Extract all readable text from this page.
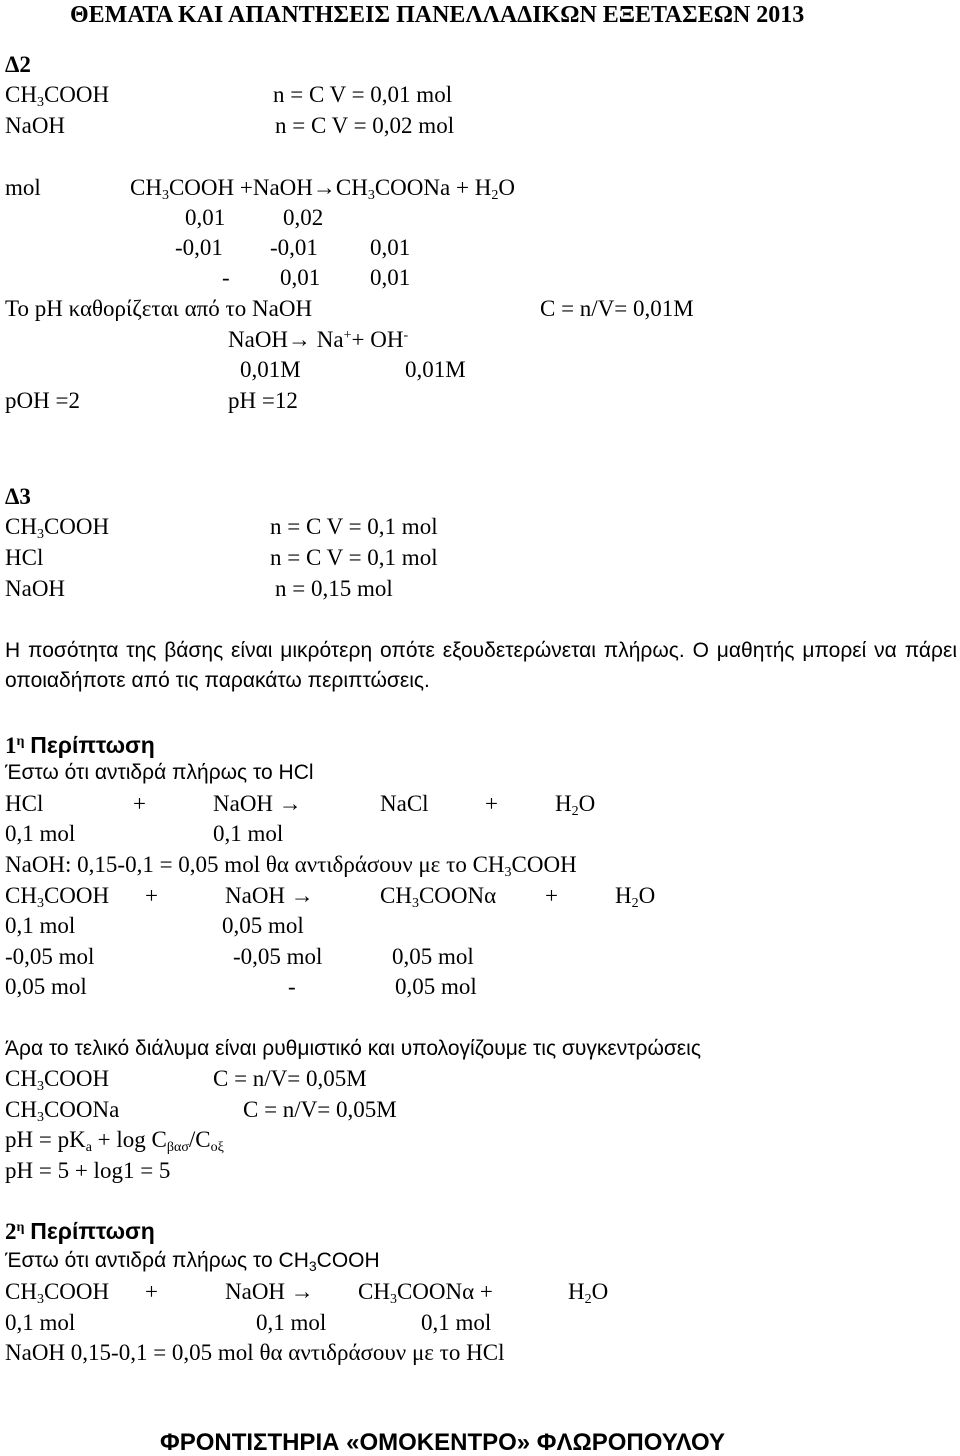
ΘΕΜΑΤΑ ΚΑΙ ΑΠΑΝΤΗΣΕΙΣ ΠΑΝΕΛΛΑΔΙΚΩΝ ΕΞΕΤΑΣΕΩΝ 2013
Δ2
$CH_3COOH$	n = C V = 0,01 mol
NaOH	n = C V = 0,02 mol
mol	$CH_3COOH$ $+NaOH\to CH_3COONa + H_2O$
0,01	0,02
-0,01 -0,01 0,01
- 0,01 0,01
Το pH καθορίζεται από το NaOH	C = n/V= 0,01M
NaOH→ Na++ OH-
0,01M	0,01M
pOH =2	pH =12
Δ3
$CH_3COOH$	n = C V = 0,1 mol
HCl	n = C V = 0,1 mol
NaOH	n = 0,15 mol
Η ποσότητα της βάσης είναι μικρότερη οπότε εξουδετερώνεται πλήρως. Ο μαθητής μπορεί να πάρει οποιαδήποτε από τις παρακάτω περιπτώσεις.
$1^\eta$ Περίπτωση
Έστω ότι αντιδρά πλήρως το HCl
HCl	+	NaOH →	NaCl + $H_2O$
0,1 mol	0,1 mol
NaOH: 0,15-0,1 = 0,05 mol θα αντιδράσουν με το $CH_3COOH$
$CH_3COOH$ +	NaOH →	$CH_3COON\alpha + H_2O$
0,1 mol	0,05 mol
-0,05 mol	-0,05 mol	0,05 mol
0,05 mol	-	0,05 mol
Άρα το τελικό διάλυμα είναι ρυθμιστικό και υπολογίζουμε τις συγκεντρώσεις
$CH_3COOH$	C = n/V= 0,05M
$CH_3COONa$	C = n/V= 0,05M
pH = $pK_a + \log C_{\beta\alpha\sigma}/C_{o\xi}$
pH = 5 + log1 = 5
$2^\eta$ Περίπτωση
Έστω ότι αντιδρά πλήρως το $CH_3COOH$
$CH_3COOH$ +	NaOH → $CH_3COON\alpha$ +	$H_2O$
0,1 mol	0,1 mol	0,1 mol
NaOH 0,15-0,1 = 0,05 mol θα αντιδράσουν με το HCl
ΦΡΟΝΤΙΣΤΗΡΙΑ «ΟΜΟΚΕΝΤΡΟ» ΦΛΩΡΟΠΟΥΛΟΥ
